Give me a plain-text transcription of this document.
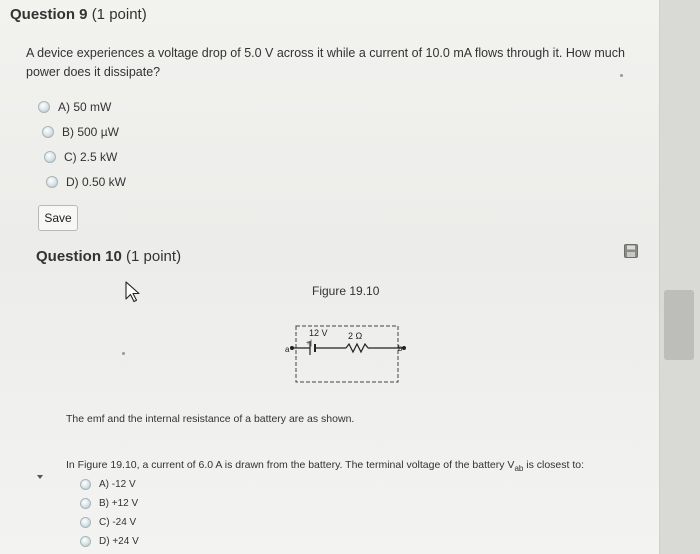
Question 9 (1 point)
A device experiences a voltage drop of 5.0 V across it while a current of 10.0 mA flows through it. How much power does it dissipate?
A) 50 mW
B) 500 µW
C) 2.5 kW
D) 0.50 kW
Save
Question 10 (1 point)
Figure 19.10
12 V
+|
2 Ω
a	b
The emf and the internal resistance of a battery are as shown.
In Figure 19.10, a current of 6.0 A is drawn from the battery. The terminal voltage of the battery $V_{ab}$ is closest to:
A) -12 V
B) +12 V
C) -24 V
D) +24 V
